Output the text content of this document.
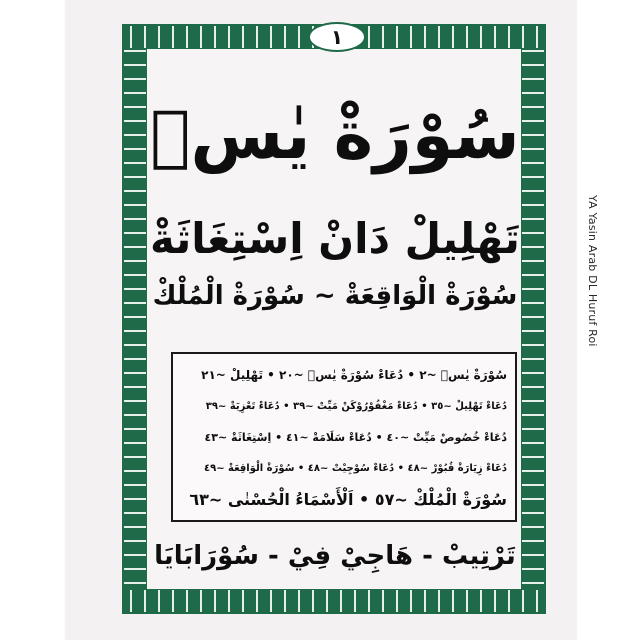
YA Yasin Arab DL Huruf Roi
١
سُوْرَةْ يٰسۤ
تَهْلِيلْ دَانْ اِسْتِغَاثَةْ
سُوْرَةْ الْوَاقِعَةْ ~ سُوْرَةْ الْمُلْكْ
سُوْرَةْ يٰسۤ ~٢ • دُعَاءْ سُوْرَةْ يٰسۤ ~٢٠ • تَهْلِيلْ ~٢١
دُعَاءْ تَهْلِيلْ ~٣٥ • دُعَاءْ مَغْفُوْرُوْكَنْ مَيِّتْ ~٣٩ • دُعَاءْ تَعْزِيَةْ ~٣٩
دُعَاءْ خُصُوصْ مَيِّتْ ~٤٠ • دُعَاءْ سَلَامَةْ ~٤١ • اِسْتِغَاثَةْ ~٤٣
دُعَاءْ زِيَارَةْ قُبُوْرْ ~٤٨ • دُعَاءْ سُوْجِيْتْ ~٤٨ • سُوْرَةْ الْوَاقِعَةْ ~٤٩
سُوْرَةْ الْمُلْكْ ~٥٧ • اَلْأَسْمَاءُ الْحُسْنٰى ~٦٣
تَرْتِيبْ - هَاجِيْ فِيْ - سُوْرَابَايَا
